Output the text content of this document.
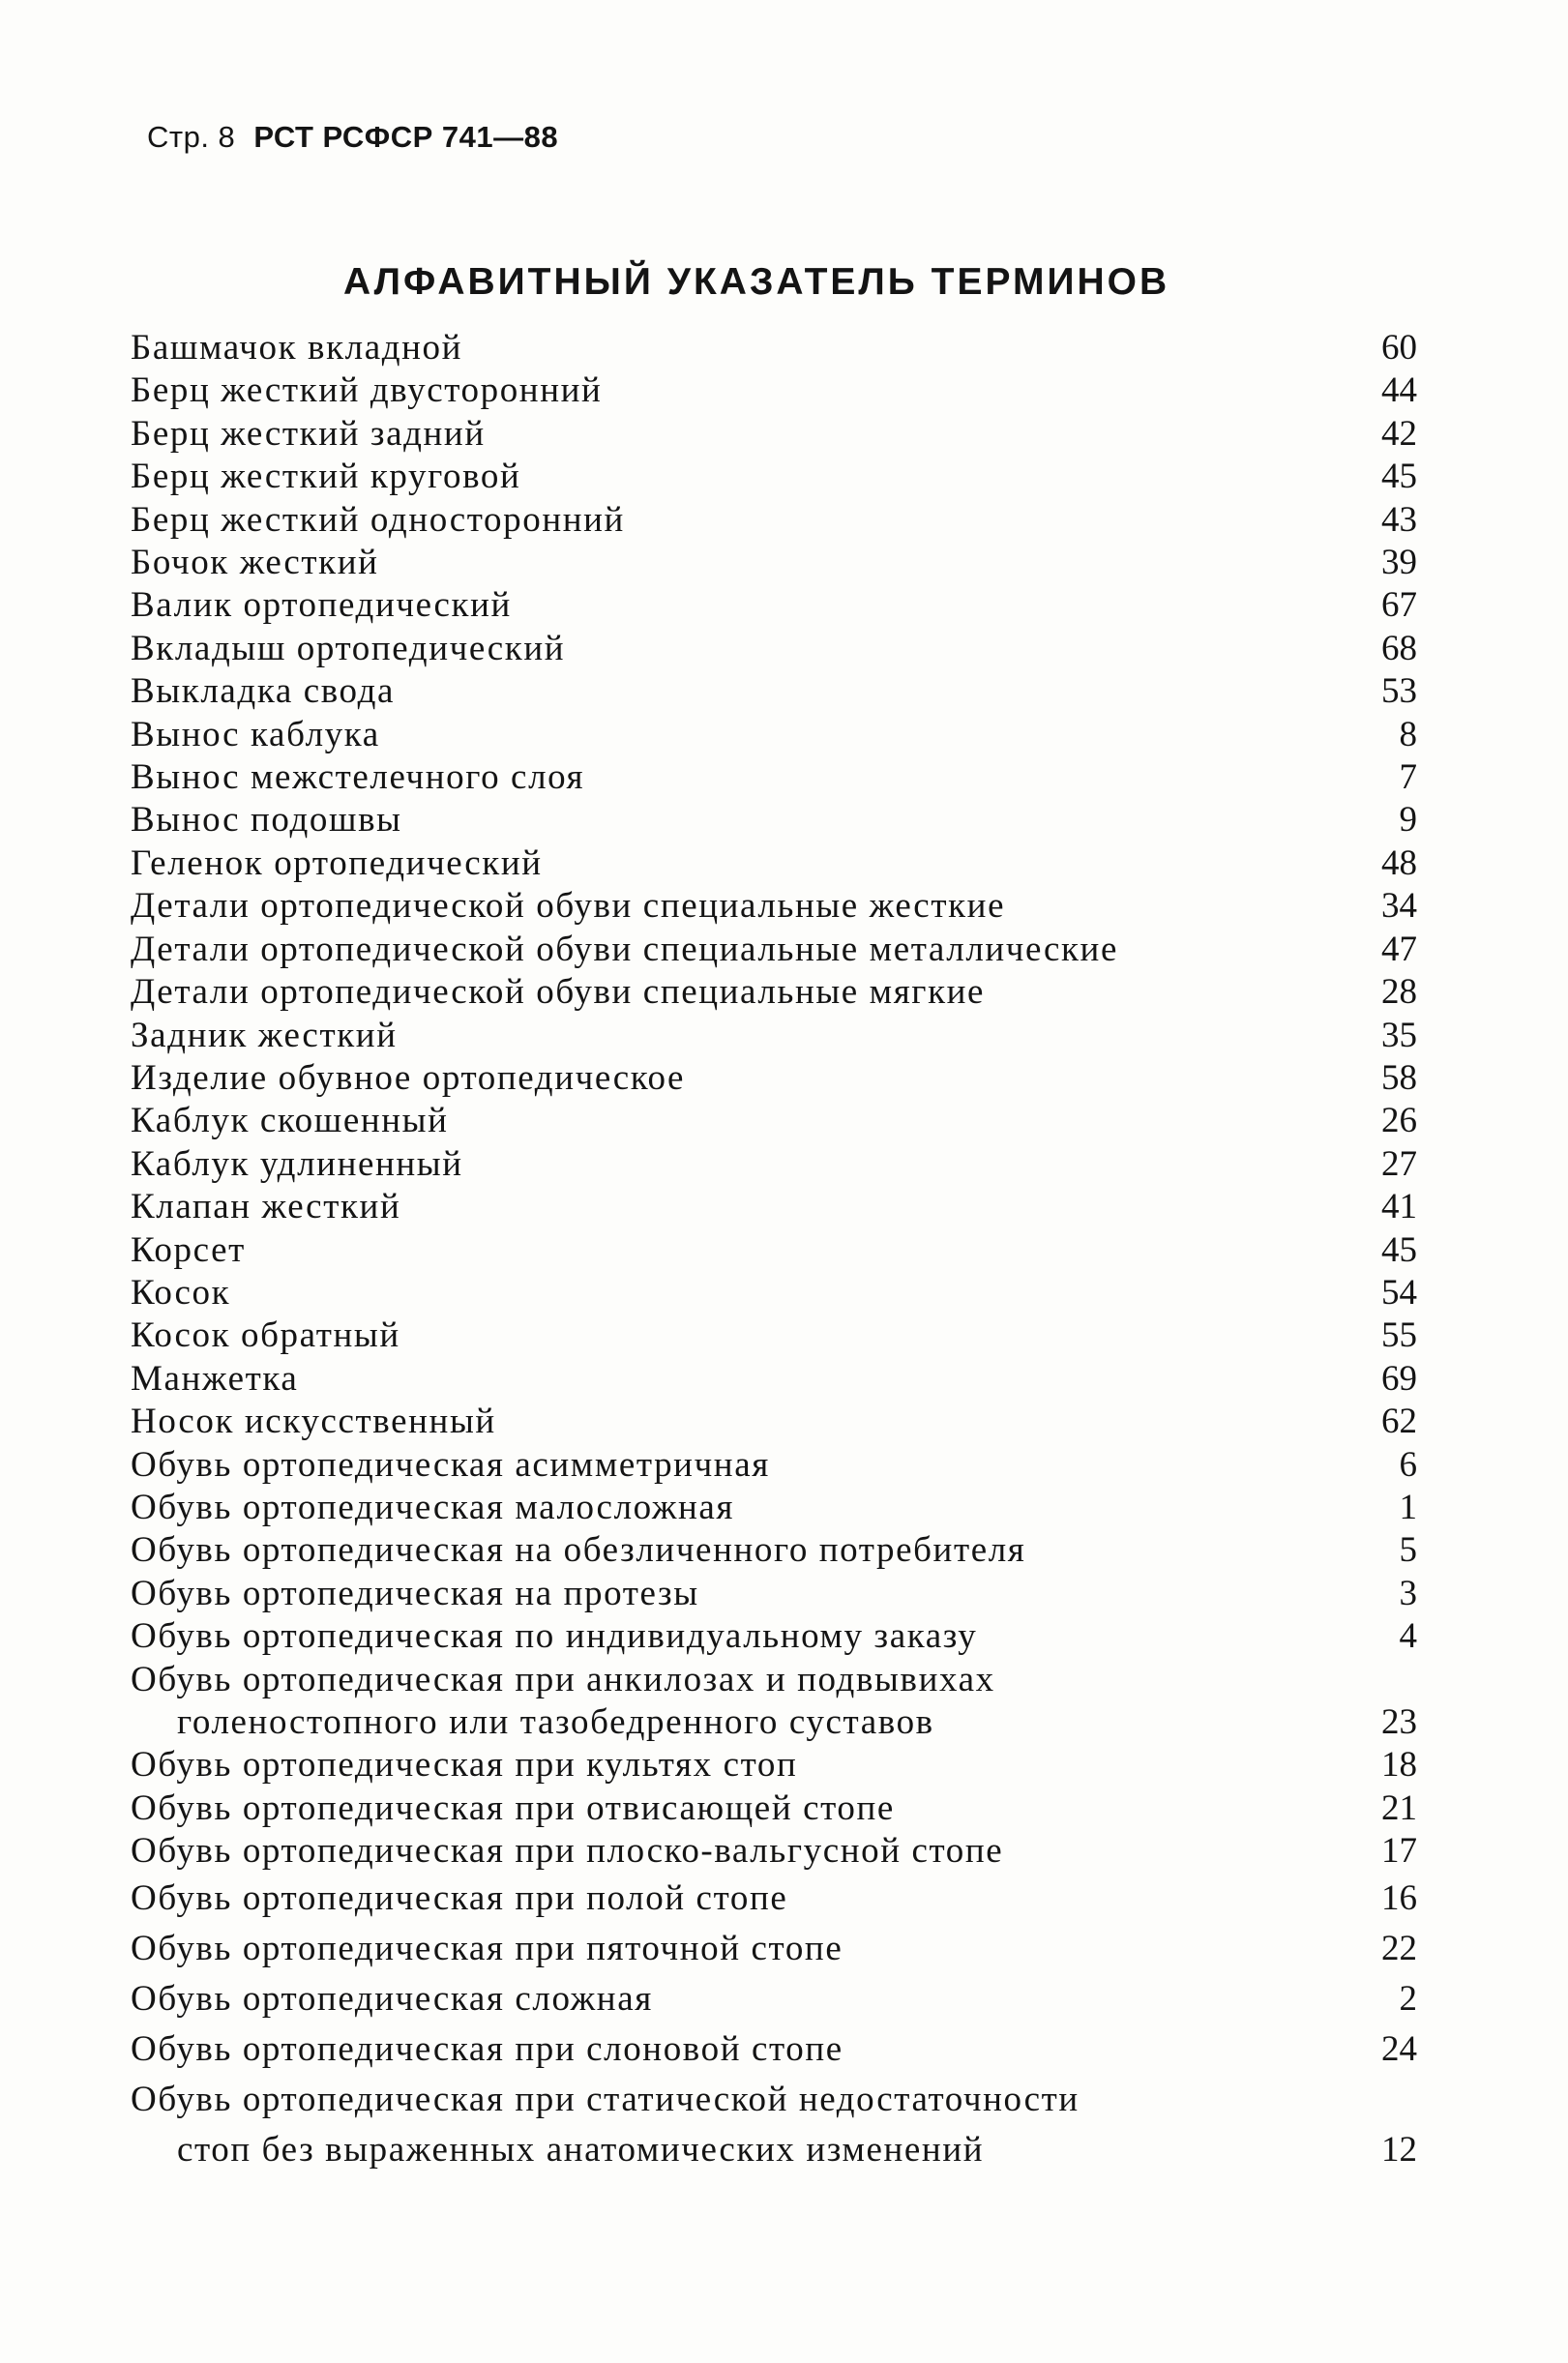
Стр. 8 РСТ РСФСР 741—88
АЛФАВИТНЫЙ УКАЗАТЕЛЬ ТЕРМИНОВ
Башмачок вкладной	60
Берц жесткий двусторонний	44
Берц жесткий задний	42
Берц жесткий круговой	45
Берц жесткий односторонний	43
Бочок жесткий	39
Валик ортопедический	67
Вкладыш ортопедический	68
Выкладка свода	53
Вынос каблука	8
Вынос межстелечного слоя	7
Вынос подошвы	9
Геленок ортопедический	48
Детали ортопедической обуви специальные жесткие	34
Детали ортопедической обуви специальные металлические	47
Детали ортопедической обуви специальные мягкие	28
Задник жесткий	35
Изделие обувное ортопедическое	58
Каблук скошенный	26
Каблук удлиненный	27
Клапан жесткий	41
Корсет	45
Косок	54
Косок обратный	55
Манжетка	69
Носок искусственный	62
Обувь ортопедическая асимметричная	6
Обувь ортопедическая малосложная	1
Обувь ортопедическая на обезличенного потребителя	5
Обувь ортопедическая на протезы	3
Обувь ортопедическая по индивидуальному заказу	4
Обувь ортопедическая при анкилозах и подвывихах
голеностопного или тазобедренного суставов	23
Обувь ортопедическая при культях стоп	18
Обувь ортопедическая при отвисающей стопе	21
Обувь ортопедическая при плоско-вальгусной стопе	17
Обувь ортопедическая при полой стопе	16
Обувь ортопедическая при пяточной стопе	22
Обувь ортопедическая сложная	2
Обувь ортопедическая при слоновой стопе	24
Обувь ортопедическая при статической недостаточности
стоп без выраженных анатомических изменений	12
